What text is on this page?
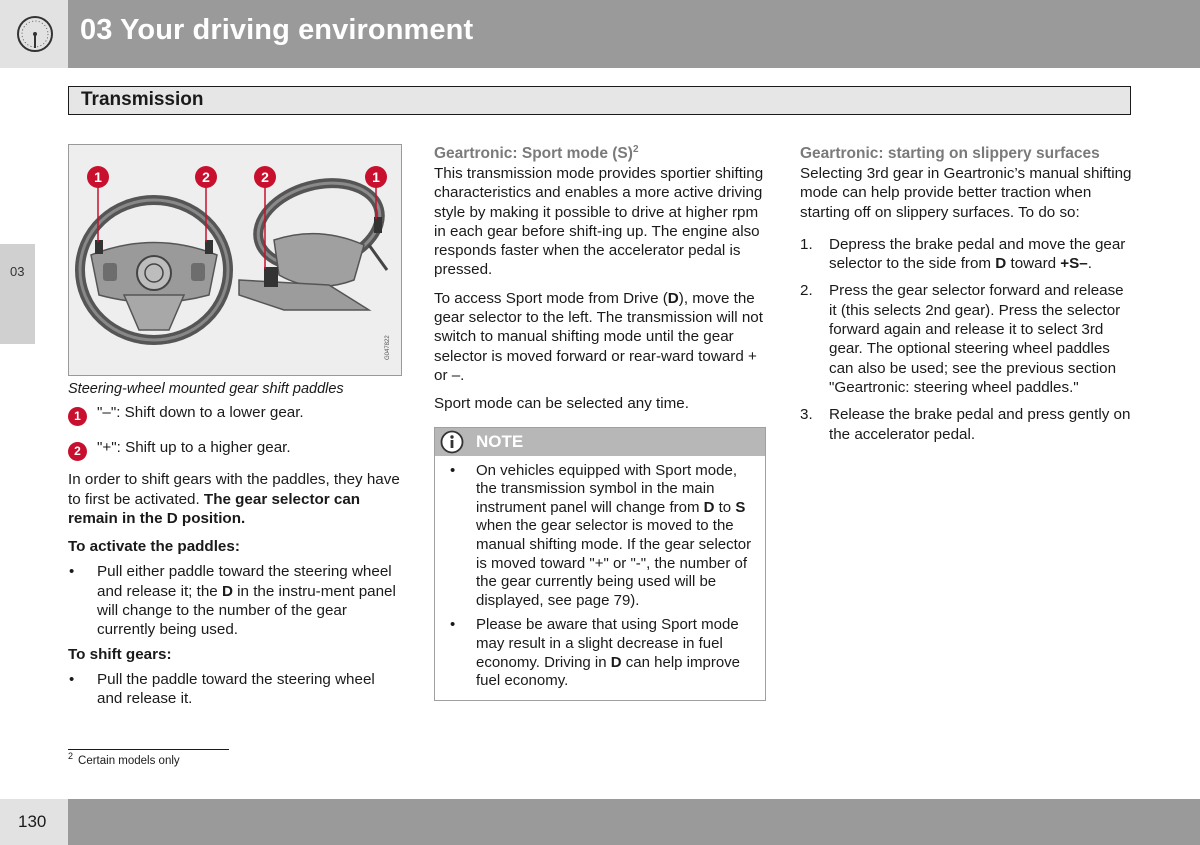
03 Your driving environment
Transmission
03
1	2	2	1
G047822
Steering-wheel mounted gear shift paddles
1	"–": Shift down to a lower gear.
2	"+": Shift up to a higher gear.

In order to shift gears with the paddles, they have to first be activated. The gear selector can remain in the D position.

To activate the paddles:
• Pull either paddle toward the steering wheel and release it; the D in the instru-ment panel will change to the number of the gear currently being used.
To shift gears:
• Pull the paddle toward the steering wheel and release it.
Geartronic: Sport mode $(S)^2$
This transmission mode provides sportier shifting characteristics and enables a more active driving style by making it possible to drive at higher rpm in each gear before shift-ing up. The engine also responds faster when the accelerator pedal is pressed.

To access Sport mode from Drive (D), move the gear selector to the left. The transmission will not switch to manual shifting mode until the gear selector is moved forward or rear-ward toward + or –.

Sport mode can be selected any time.

NOTE
• On vehicles equipped with Sport mode, the transmission symbol in the main instrument panel will change from D to S when the gear selector is moved to the manual shifting mode. If the gear selector is moved toward "+" or "-", the number of the gear currently being used will be displayed, see page 79).
• Please be aware that using Sport mode may result in a slight decrease in fuel economy. Driving in D can help improve fuel economy.
Geartronic: starting on slippery surfaces
Selecting 3rd gear in Geartronic’s manual shifting mode can help provide better traction when starting off on slippery surfaces. To do so:
1. Depress the brake pedal and move the gear selector to the side from D toward +S–.
2. Press the gear selector forward and release it (this selects 2nd gear). Press the selector forward again and release it to select 3rd gear. The optional steering wheel paddles can also be used; see the previous section "Geartronic: steering wheel paddles."
3. Release the brake pedal and press gently on the accelerator pedal.
$^2$ Certain models only
130
